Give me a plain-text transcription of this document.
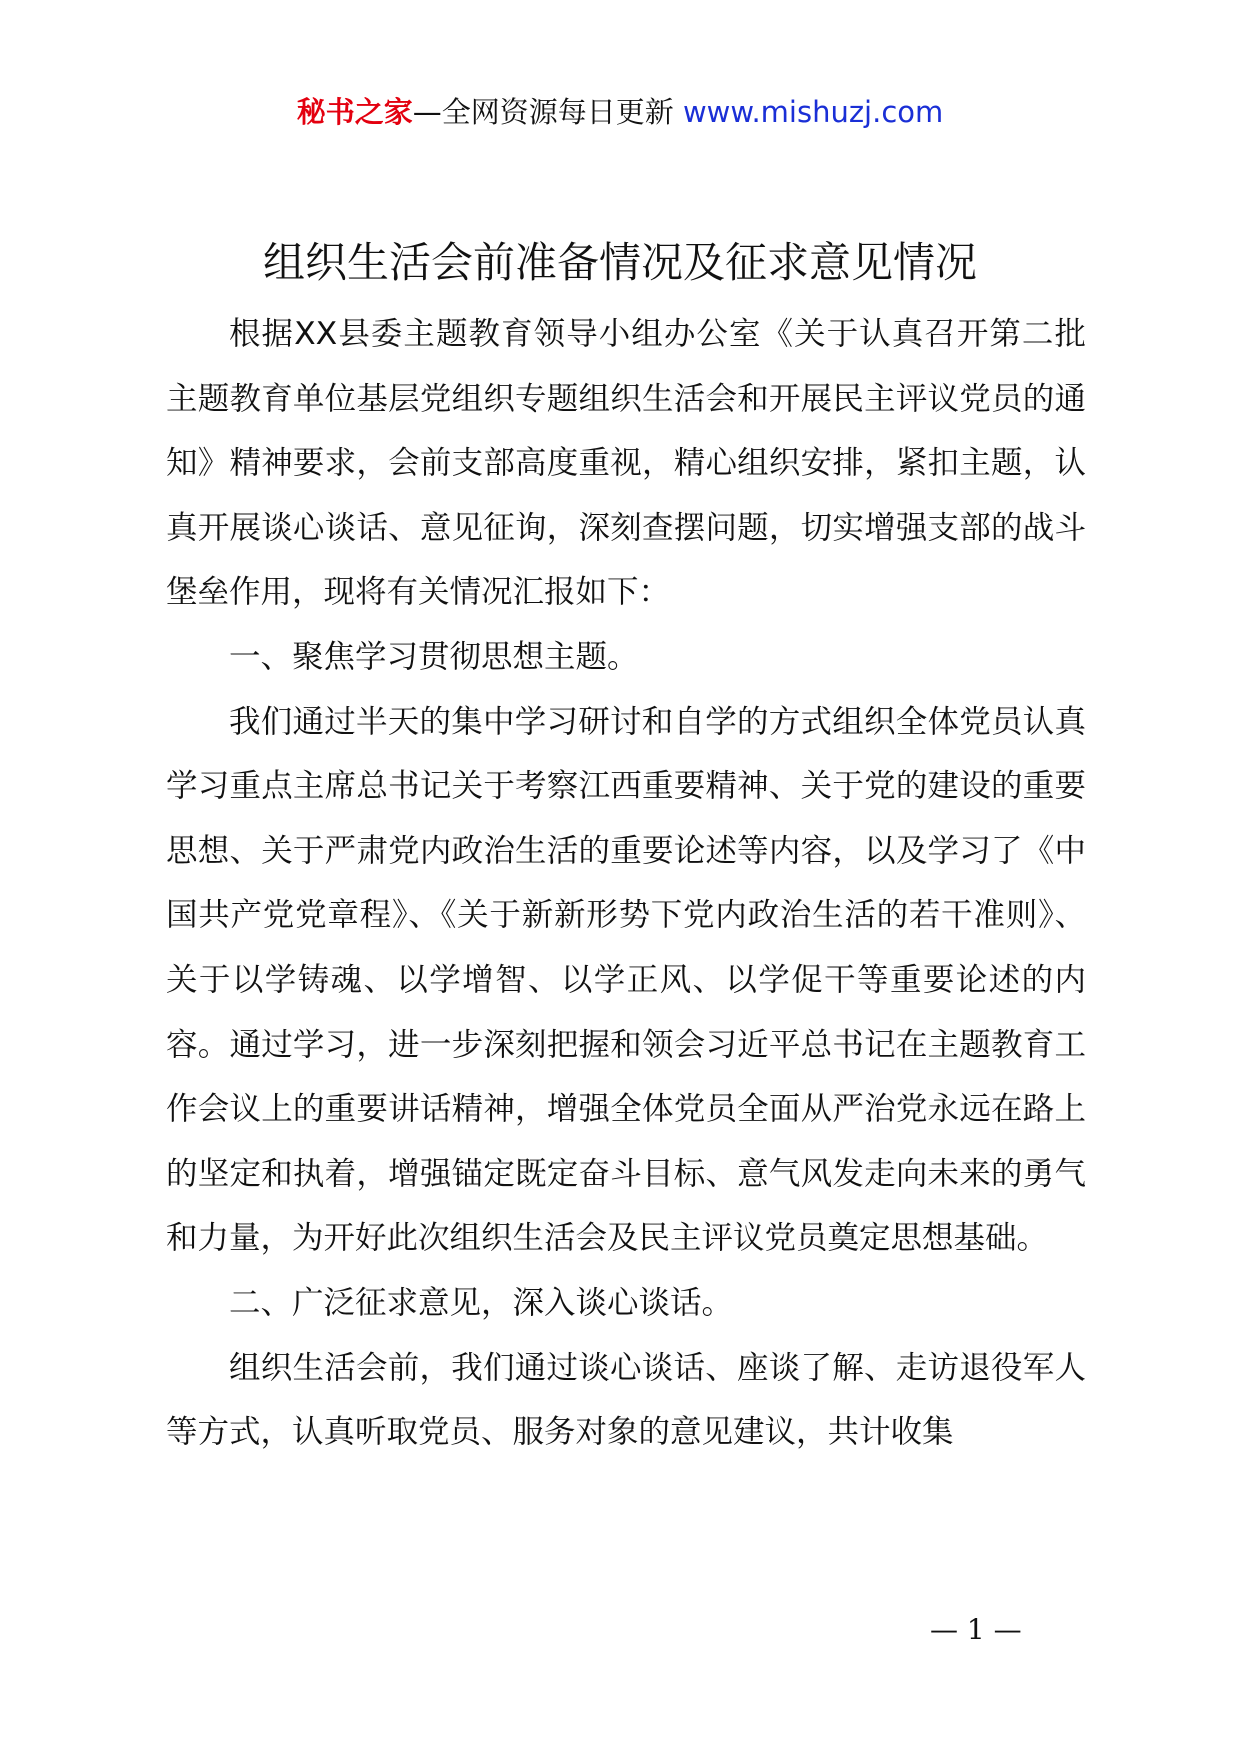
秘书之家—全网资源每日更新 www.mishuzj.com
组织生活会前准备情况及征求意见情况

根据XX县委主题教育领导小组办公室《关于认真召开第二批主题教育单位基层党组织专题组织生活会和开展民主评议党员的通知》精神要求，会前支部高度重视，精心组织安排，紧扣主题，认真开展谈心谈话、意见征询，深刻查摆问题，切实增强支部的战斗堡垒作用，现将有关情况汇报如下：

一、聚焦学习贯彻思想主题。

我们通过半天的集中学习研讨和自学的方式组织全体党员认真学习重点主席总书记关于考察江西重要精神、关于党的建设的重要思想、关于严肃党内政治生活的重要论述等内容，以及学习了《中国共产党党章程》、《关于新新形势下党内政治生活的若干准则》、关于以学铸魂、以学增智、以学正风、以学促干等重要论述的内容。通过学习，进一步深刻把握和领会习近平总书记在主题教育工作会议上的重要讲话精神，增强全体党员全面从严治党永远在路上的坚定和执着，增强锚定既定奋斗目标、意气风发走向未来的勇气和力量，为开好此次组织生活会及民主评议党员奠定思想基础。

二、广泛征求意见，深入谈心谈话。

组织生活会前，我们通过谈心谈话、座谈了解、走访退役军人等方式，认真听取党员、服务对象的意见建议，共计收集

— 1 —
